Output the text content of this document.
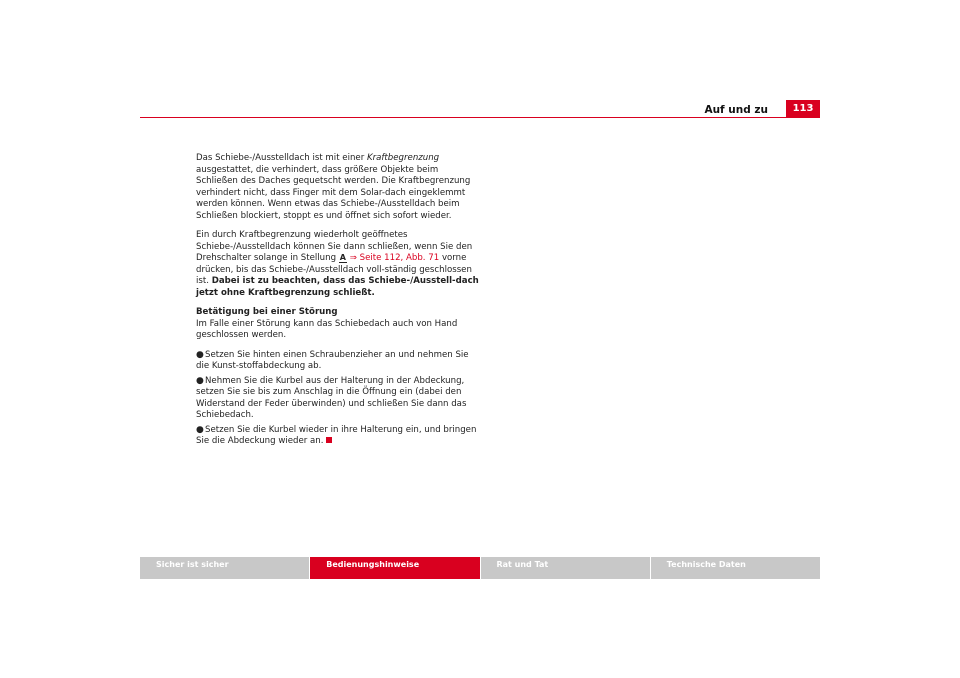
Auf und zu	113

Das Schiebe-/Ausstelldach ist mit einer Kraftbegrenzung ausgestattet, die verhindert, dass größere Objekte beim Schließen des Daches gequetscht werden. Die Kraftbegrenzung verhindert nicht, dass Finger mit dem Solar-dach eingeklemmt werden können. Wenn etwas das Schiebe-/Ausstelldach beim Schließen blockiert, stoppt es und öffnet sich sofort wieder.

Ein durch Kraftbegrenzung wiederholt geöffnetes Schiebe-/Ausstelldach können Sie dann schließen, wenn Sie den Drehschalter solange in Stellung A ⇒ Seite 112, Abb. 71 vorne drücken, bis das Schiebe-/Ausstelldach voll-ständig geschlossen ist. Dabei ist zu beachten, dass das Schiebe-/Ausstell-dach jetzt ohne Kraftbegrenzung schließt.

Betätigung bei einer Störung

Im Falle einer Störung kann das Schiebedach auch von Hand geschlossen werden.

●Setzen Sie hinten einen Schraubenzieher an und nehmen Sie die Kunst-stoffabdeckung ab.

●Nehmen Sie die Kurbel aus der Halterung in der Abdeckung, setzen Sie sie bis zum Anschlag in die Öffnung ein (dabei den Widerstand der Feder überwinden) und schließen Sie dann das Schiebedach.

●Setzen Sie die Kurbel wieder in ihre Halterung ein, und bringen Sie die Abdeckung wieder an.

Sicher ist sicher	Bedienungshinweise	Rat und Tat	Technische Daten
